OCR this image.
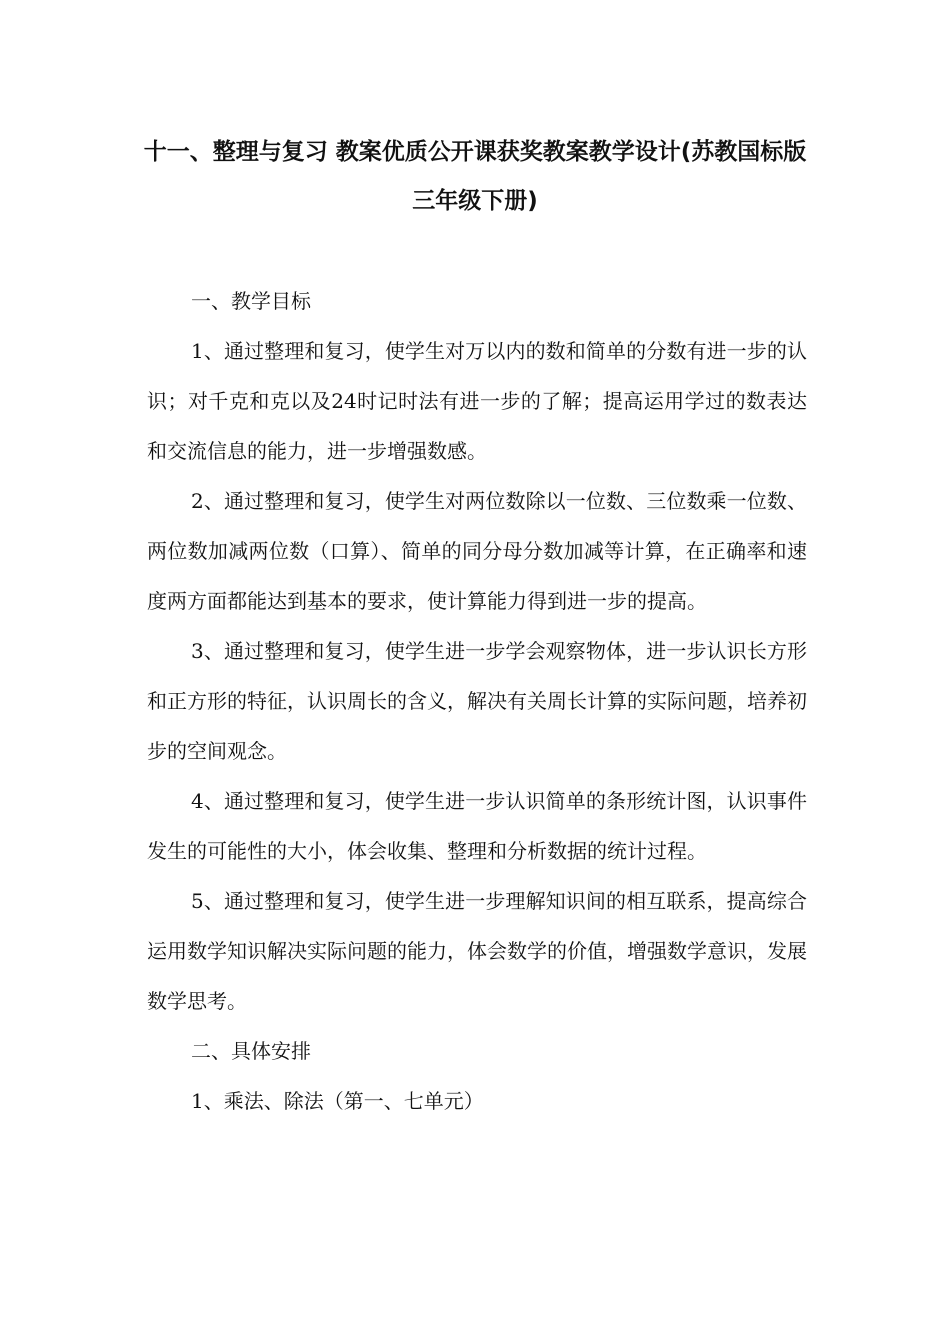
十一、整理与复习 教案优质公开课获奖教案教学设计(苏教国标版
三年级下册)

一、教学目标

1、通过整理和复习，使学生对万以内的数和简单的分数有进一步的认识；对千克和克以及24时记时法有进一步的了解；提高运用学过的数表达和交流信息的能力，进一步增强数感。

2、通过整理和复习，使学生对两位数除以一位数、三位数乘一位数、两位数加减两位数（口算）、简单的同分母分数加减等计算，在正确率和速度两方面都能达到基本的要求，使计算能力得到进一步的提高。

3、通过整理和复习，使学生进一步学会观察物体，进一步认识长方形和正方形的特征，认识周长的含义，解决有关周长计算的实际问题，培养初步的空间观念。

4、通过整理和复习，使学生进一步认识简单的条形统计图，认识事件发生的可能性的大小，体会收集、整理和分析数据的统计过程。

5、通过整理和复习，使学生进一步理解知识间的相互联系，提高综合运用数学知识解决实际问题的能力，体会数学的价值，增强数学意识，发展数学思考。

二、具体安排

1、乘法、除法（第一、七单元）
